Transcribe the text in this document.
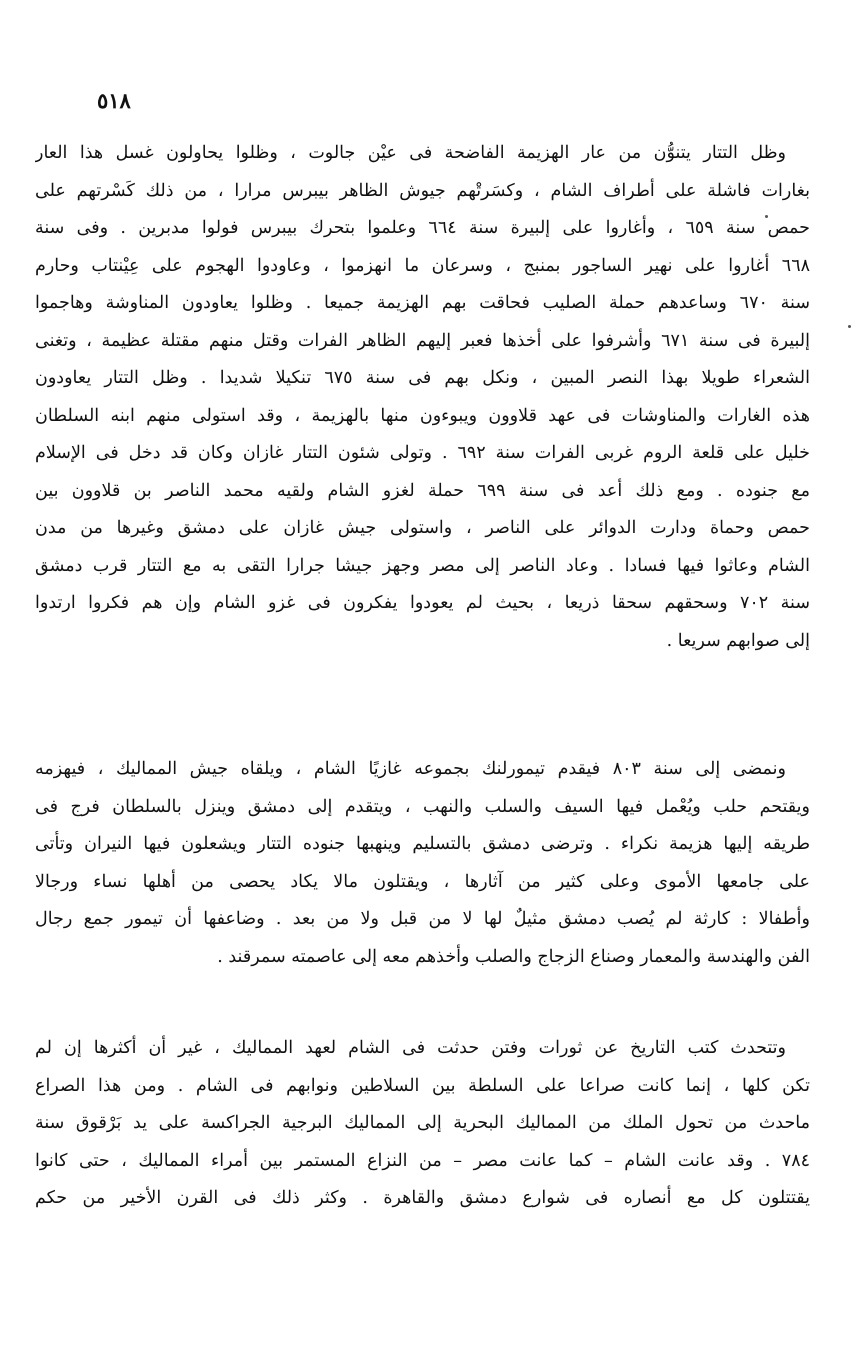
٥١٨
وظل التتار يتنوُّن من عار الهزيمة الفاضحة فى عيْن جالوت ، وظلوا يحاولون غسل هذا العار
بغارات فاشلة على أطراف الشام ، وكسَرتْهم جيوش الظاهر بيبرس مرارا ، من ذلك كَسْرتهم على
حمص سنة ٦٥٩ ، وأغاروا على إلبيرة سنة ٦٦٤ وعلموا بتحرك بيبرس فولوا مدبرين . وفى سنة
٦٦٨ أغاروا على نهير الساجور بمنبج ، وسرعان ما انهزموا ، وعاودوا الهجوم على عِيْنتاب وحارم
سنة ٦٧٠ وساعدهم حملة الصليب فحاقت بهم الهزيمة جميعا . وظلوا يعاودون المناوشة وهاجموا
إلبيرة فى سنة ٦٧١ وأشرفوا على أخذها فعبر إليهم الظاهر الفرات وقتل منهم مقتلة عظيمة ، وتغنى
الشعراء طويلا بهذا النصر المبين ، ونكل بهم فى سنة ٦٧٥ تنكيلا شديدا . وظل التتار يعاودون
هذه الغارات والمناوشات فى عهد قلاوون ويبوءون منها بالهزيمة ، وقد استولى منهم ابنه السلطان
خليل على قلعة الروم غربى الفرات سنة ٦٩٢ . وتولى شئون التتار غازان وكان قد دخل فى الإسلام
مع جنوده . ومع ذلك أعد فى سنة ٦٩٩ حملة لغزو الشام ولقيه محمد الناصر بن قلاوون بين
حمص وحماة ودارت الدوائر على الناصر ، واستولى جيش غازان على دمشق وغيرها من مدن
الشام وعاثوا فيها فسادا . وعاد الناصر إلى مصر وجهز جيشا جرارا التقى به مع التتار قرب دمشق
سنة ٧٠٢ وسحقهم سحقا ذريعا ، بحيث لم يعودوا يفكرون فى غزو الشام وإن هم فكروا ارتدوا
إلى صوابهم سريعا .
ونمضى إلى سنة ٨٠٣ فيقدم تيمورلنك بجموعه غازيًا الشام ، ويلقاه جيش المماليك ، فيهزمه
ويقتحم حلب ويُعْمل فيها السيف والسلب والنهب ، ويتقدم إلى دمشق وينزل بالسلطان فرج فى
طريقه إليها هزيمة نكراء . وترضى دمشق بالتسليم وينهبها جنوده التتار ويشعلون فيها النيران وتأتى
على جامعها الأموى وعلى كثير من آثارها ، ويقتلون مالا يكاد يحصى من أهلها نساء ورجالا
وأطفالا : كارثة لم يُصب دمشق مثيلٌ لها لا من قبل ولا من بعد . وضاعفها أن تيمور جمع رجال
الفن والهندسة والمعمار وصناع الزجاج والصلب وأخذهم معه إلى عاصمته سمرقند .
وتتحدث كتب التاريخ عن ثورات وفتن حدثت فى الشام لعهد المماليك ، غير أن أكثرها إن لم
تكن كلها ، إنما كانت صراعا على السلطة بين السلاطين ونوابهم فى الشام . ومن هذا الصراع
ماحدث من تحول الملك من المماليك البحرية إلى المماليك البرجية الجراكسة على يد بَرْقوق سنة
٧٨٤ . وقد عانت الشام – كما عانت مصر – من النزاع المستمر بين أمراء المماليك ، حتى كانوا
يقتتلون كل مع أنصاره فى شوارع دمشق والقاهرة . وكثر ذلك فى القرن الأخير من حكم
